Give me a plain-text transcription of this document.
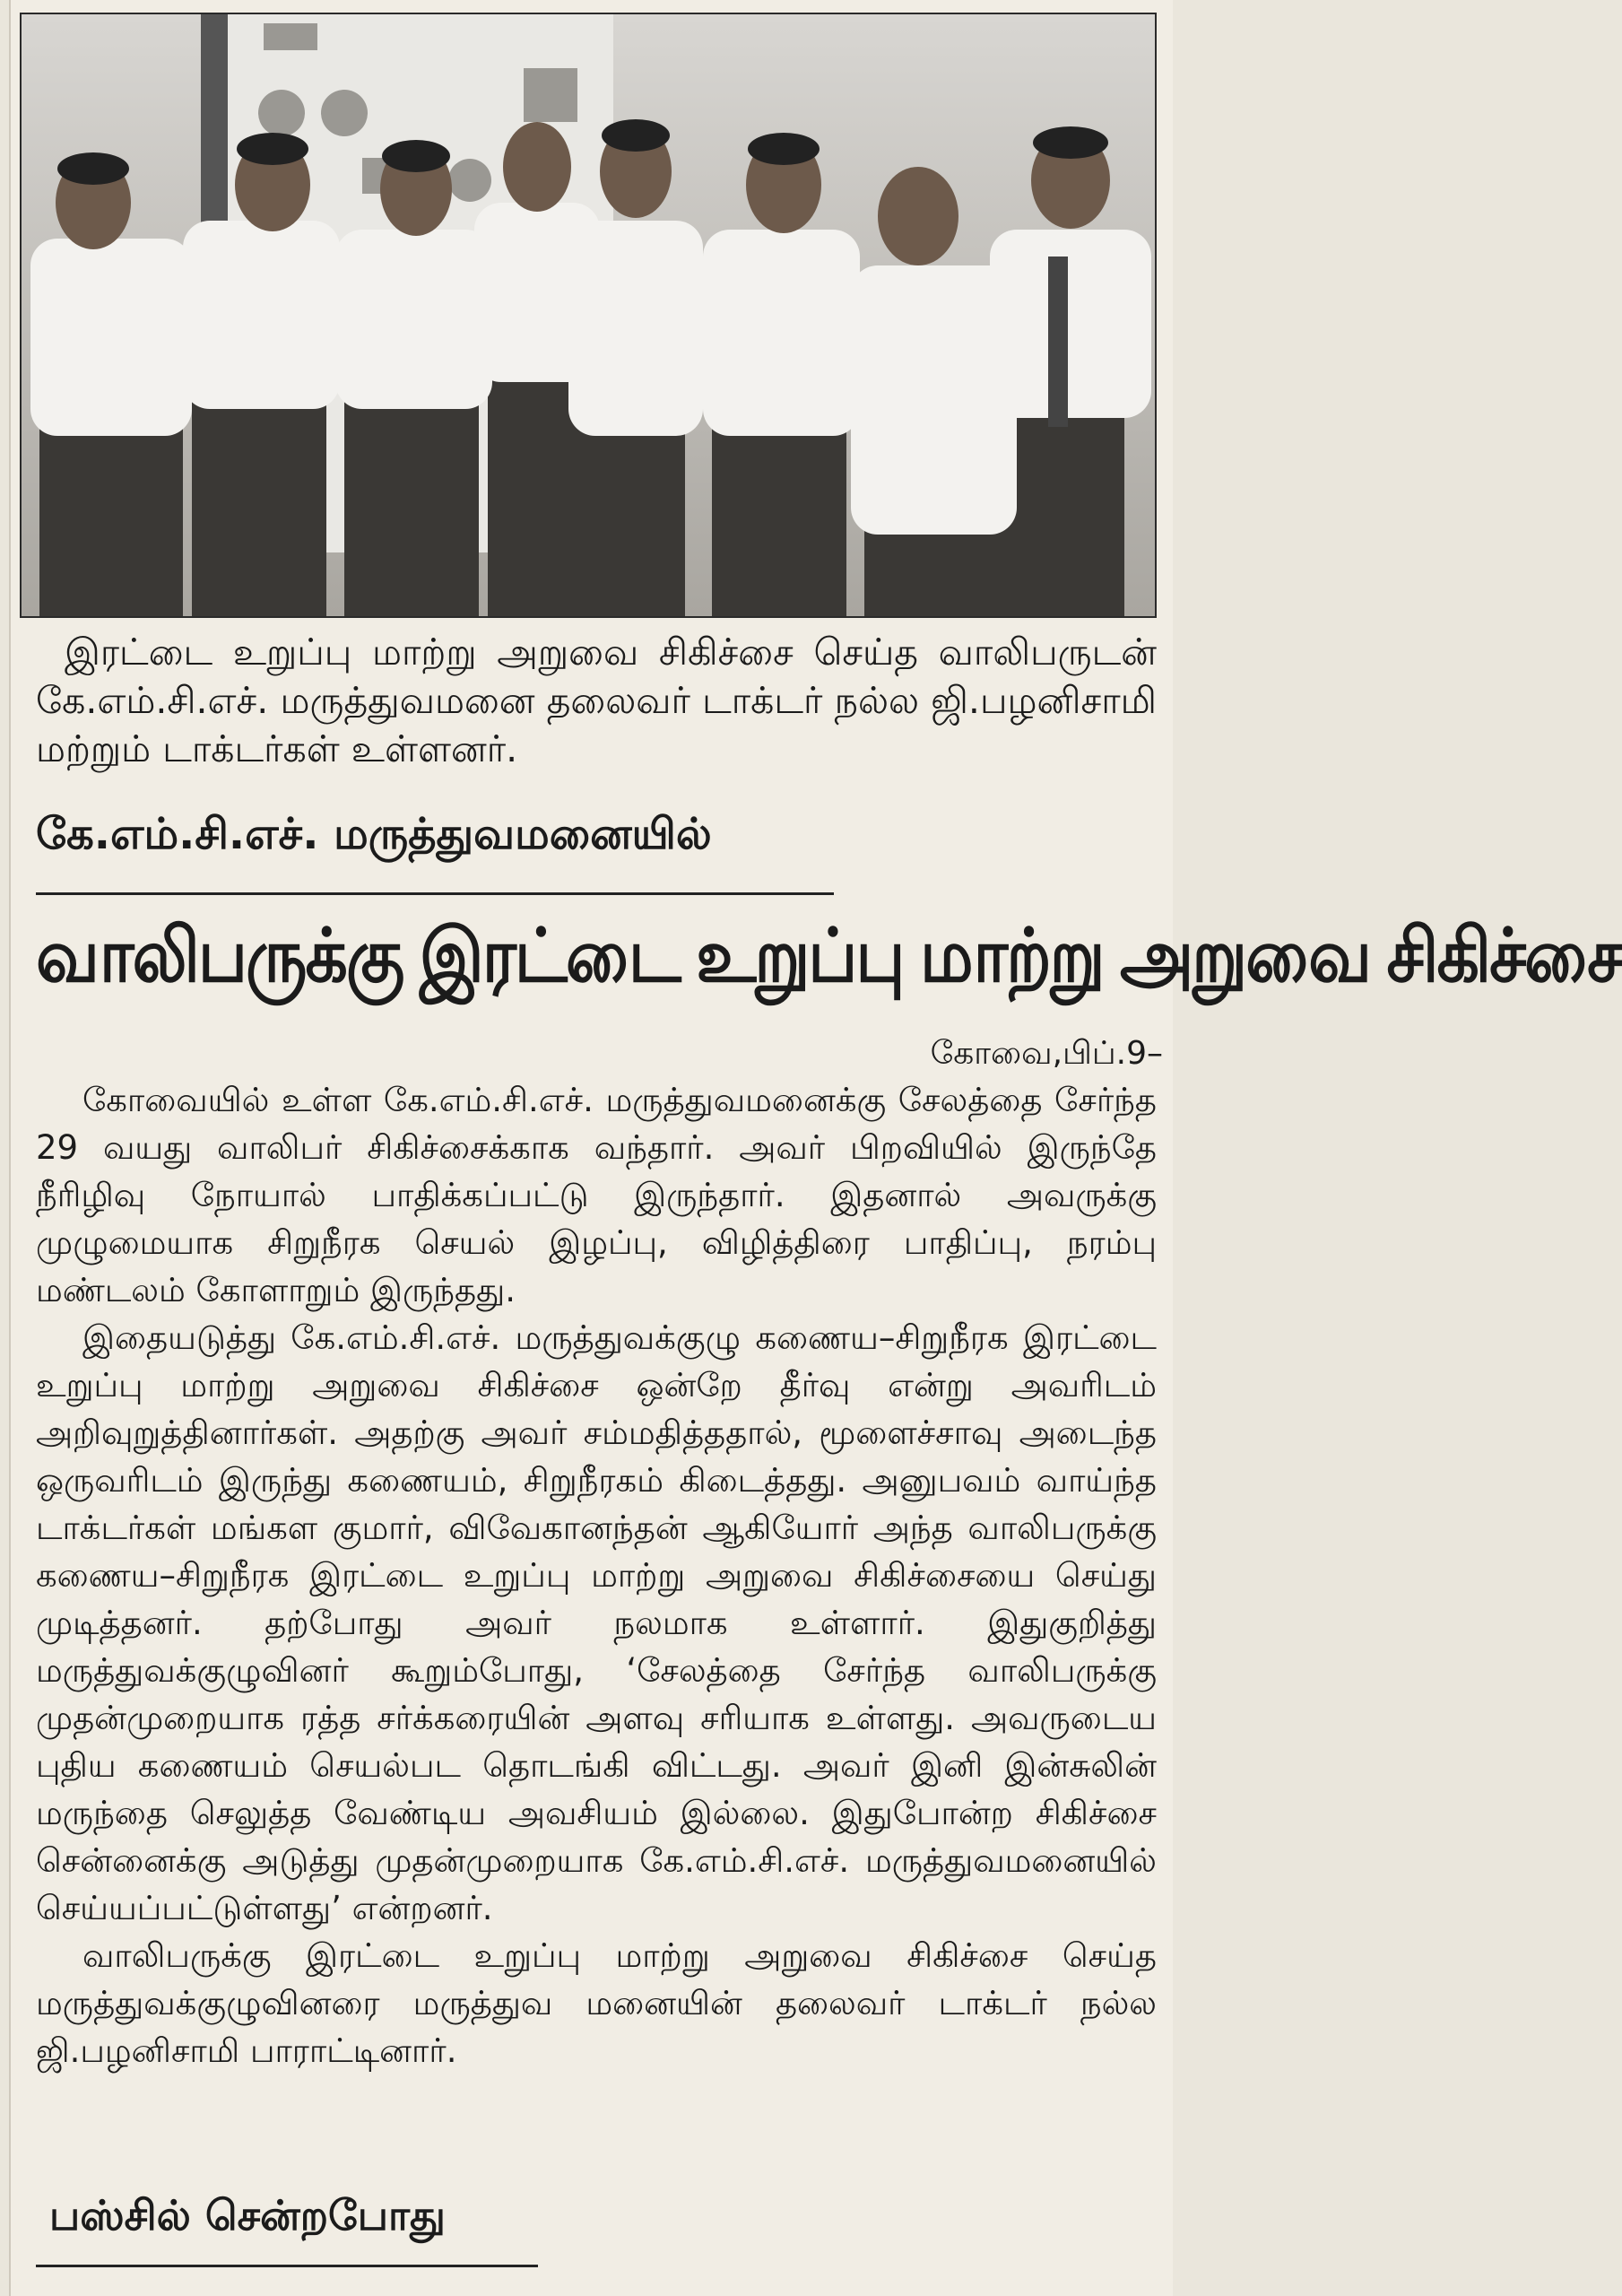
இரட்டை உறுப்பு மாற்று அறுவை சிகிச்சை செய்த வாலிபருடன் கே.எம்.சி.எச். மருத்துவமனை தலைவர் டாக்டர் நல்ல ஜி.பழனிசாமி மற்றும் டாக்டர்கள் உள்ளனர்.

கே.எம்.சி.எச். மருத்துவமனையில்
வாலிபருக்கு இரட்டை உறுப்பு மாற்று அறுவை சிகிச்சை
கோவை,பிப்.9–

கோவையில் உள்ள கே.எம்.சி.எச். மருத்துவமனைக்கு சேலத்தை சேர்ந்த 29 வயது வாலிபர் சிகிச்சைக்காக வந்தார். அவர் பிறவியில் இருந்தே நீரிழிவு நோயால் பாதிக்கப்பட்டு இருந்தார். இதனால் அவருக்கு முழுமையாக சிறுநீரக செயல் இழப்பு, விழித்திரை பாதிப்பு, நரம்பு மண்டலம் கோளாறும் இருந்தது.

இதையடுத்து கே.எம்.சி.எச். மருத்துவக்குழு கணைய–சிறுநீரக இரட்டை உறுப்பு மாற்று அறுவை சிகிச்சை ஒன்றே தீர்வு என்று அவரிடம் அறிவுறுத்தினார்கள். அதற்கு அவர் சம்மதித்ததால், மூளைச்சாவு அடைந்த ஒருவரிடம் இருந்து கணையம், சிறுநீரகம் கிடைத்தது. அனுபவம் வாய்ந்த டாக்டர்கள் மங்கள குமார், விவேகானந்தன் ஆகியோர் அந்த வாலிபருக்கு கணைய–சிறுநீரக இரட்டை உறுப்பு மாற்று அறுவை சிகிச்சையை செய்து முடித்தனர். தற்போது அவர் நலமாக உள்ளார். இதுகுறித்து மருத்துவக்குழுவினர் கூறும்போது, ‘சேலத்தை சேர்ந்த வாலிபருக்கு முதன்முறையாக ரத்த சர்க்கரையின் அளவு சரியாக உள்ளது. அவருடைய புதிய கணையம் செயல்பட தொடங்கி விட்டது. அவர் இனி இன்சுலின் மருந்தை செலுத்த வேண்டிய அவசியம் இல்லை. இதுபோன்ற சிகிச்சை சென்னைக்கு அடுத்து முதன்முறையாக கே.எம்.சி.எச். மருத்துவமனையில் செய்யப்பட்டுள்ளது’ என்றனர்.

வாலிபருக்கு இரட்டை உறுப்பு மாற்று அறுவை சிகிச்சை செய்த மருத்துவக்குழுவினரை மருத்துவ மனையின் தலைவர் டாக்டர் நல்ல ஜி.பழனிசாமி பாராட்டினார்.

பஸ்சில் சென்றபோது
